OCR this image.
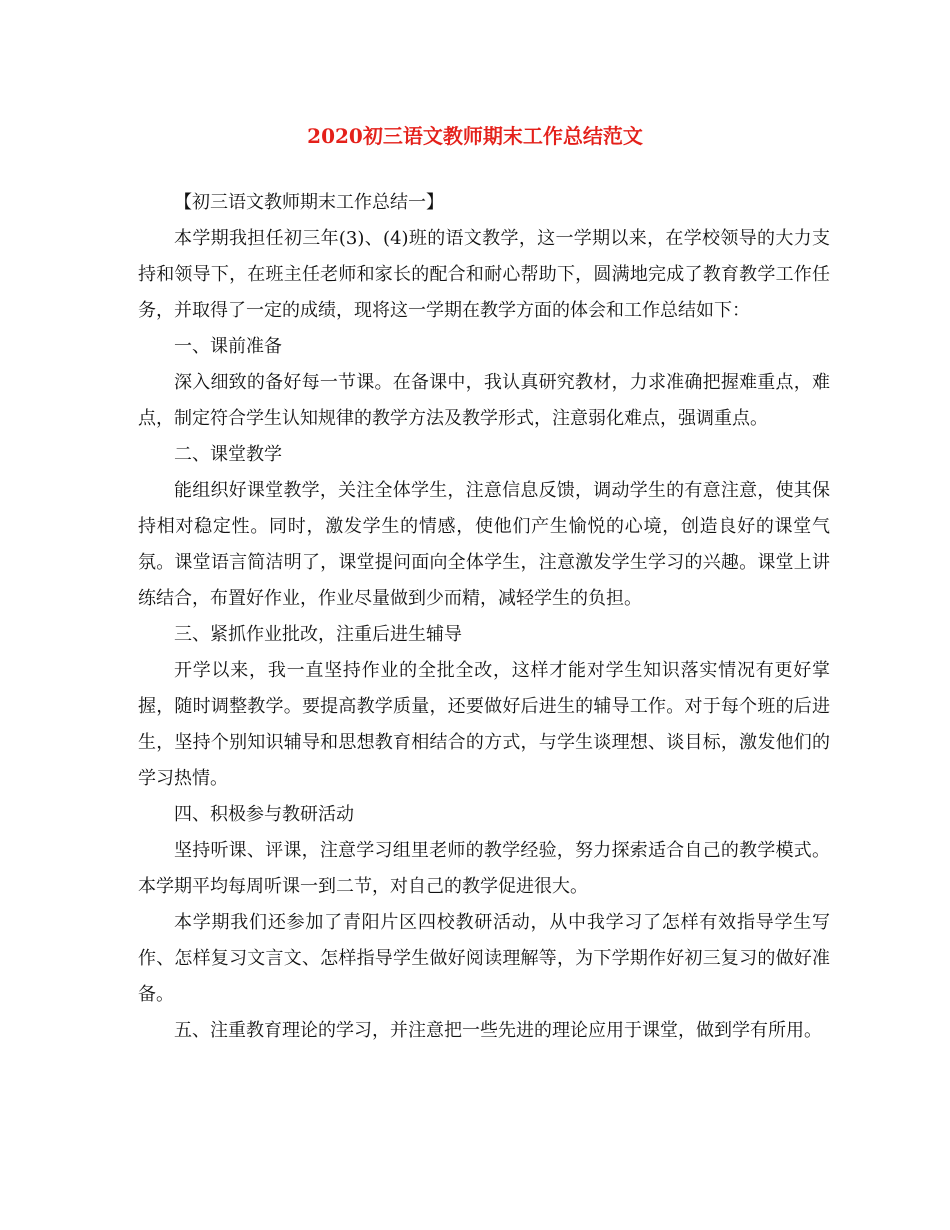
2020初三语文教师期末工作总结范文

【初三语文教师期末工作总结一】

本学期我担任初三年(3)、(4)班的语文教学，这一学期以来，在学校领导的大力支持和领导下，在班主任老师和家长的配合和耐心帮助下，圆满地完成了教育教学工作任务，并取得了一定的成绩，现将这一学期在教学方面的体会和工作总结如下：

一、课前准备

深入细致的备好每一节课。在备课中，我认真研究教材，力求准确把握难重点，难点，制定符合学生认知规律的教学方法及教学形式，注意弱化难点，强调重点。

二、课堂教学

能组织好课堂教学，关注全体学生，注意信息反馈，调动学生的有意注意，使其保持相对稳定性。同时，激发学生的情感，使他们产生愉悦的心境，创造良好的课堂气氛。课堂语言简洁明了，课堂提问面向全体学生，注意激发学生学习的兴趣。课堂上讲练结合，布置好作业，作业尽量做到少而精，减轻学生的负担。

三、紧抓作业批改，注重后进生辅导

开学以来，我一直坚持作业的全批全改，这样才能对学生知识落实情况有更好掌握，随时调整教学。要提高教学质量，还要做好后进生的辅导工作。对于每个班的后进生，坚持个别知识辅导和思想教育相结合的方式，与学生谈理想、谈目标，激发他们的学习热情。

四、积极参与教研活动

坚持听课、评课，注意学习组里老师的教学经验，努力探索适合自己的教学模式。本学期平均每周听课一到二节，对自己的教学促进很大。

本学期我们还参加了青阳片区四校教研活动，从中我学习了怎样有效指导学生写作、怎样复习文言文、怎样指导学生做好阅读理解等，为下学期作好初三复习的做好准备。

五、注重教育理论的学习，并注意把一些先进的理论应用于课堂，做到学有所用。
